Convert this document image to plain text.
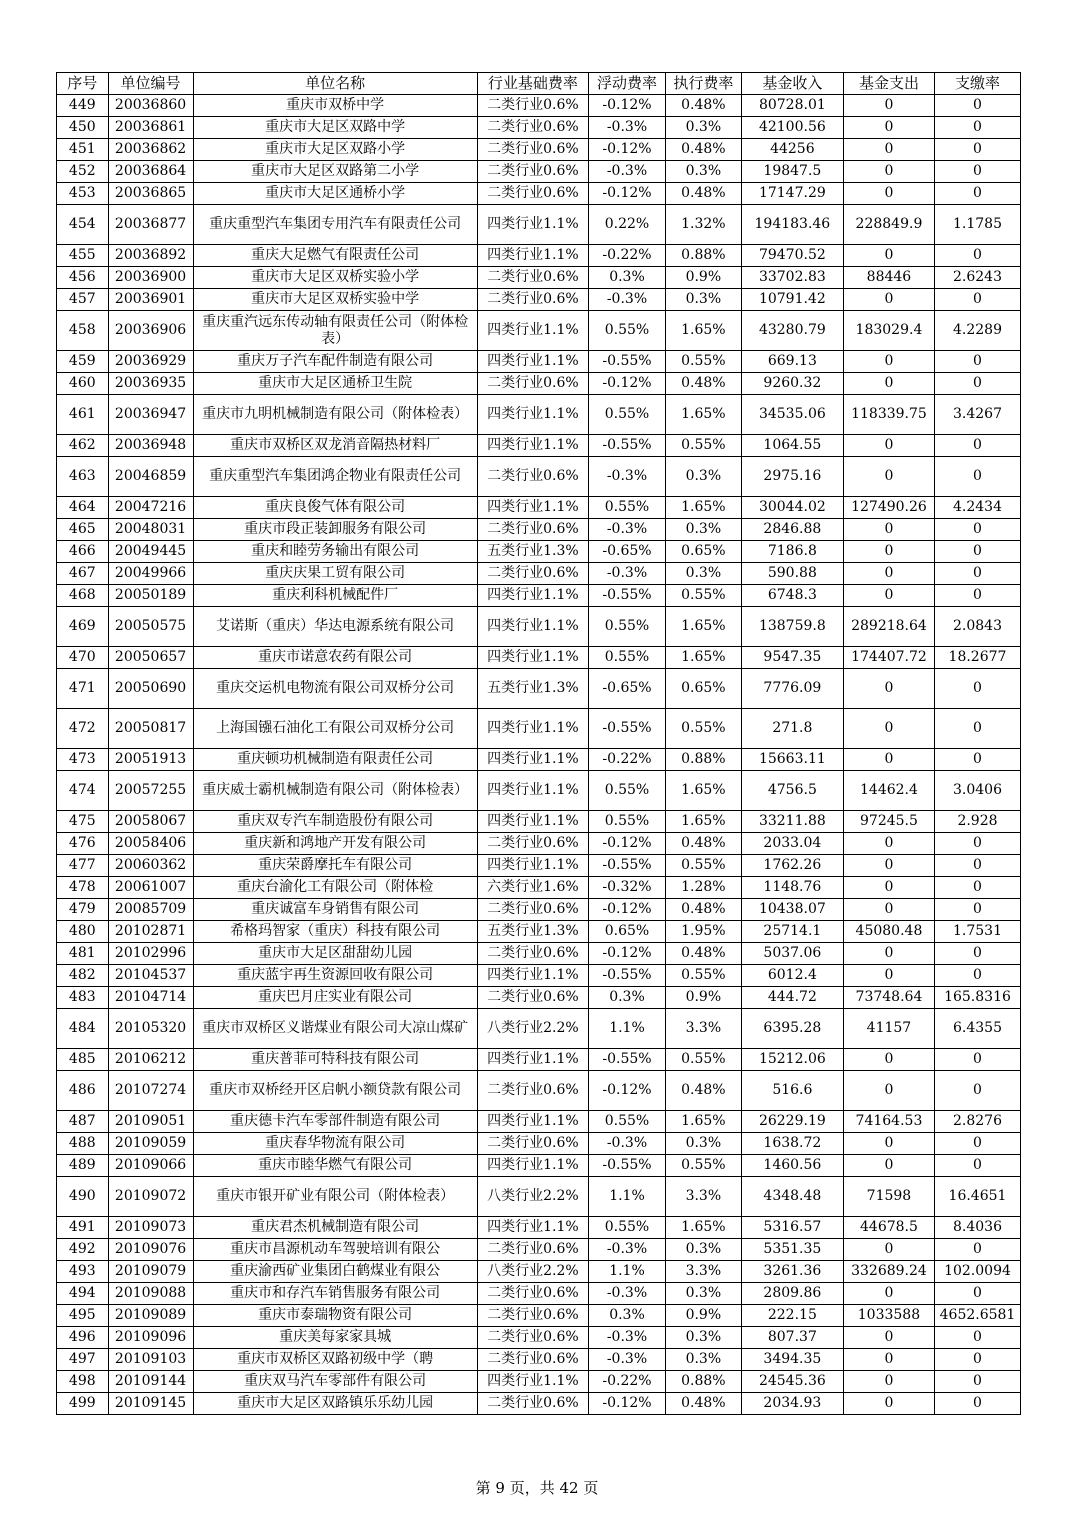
序号	单位编号	单位名称	行业基础费率	浮动费率	执行费率	基金收入	基金支出	支缴率
449	20036860	重庆市双桥中学	二类行业0.6%	-0.12%	0.48%	80728.01	0	0
450	20036861	重庆市大足区双路中学	二类行业0.6%	-0.3%	0.3%	42100.56	0	0
451	20036862	重庆市大足区双路小学	二类行业0.6%	-0.12%	0.48%	44256	0	0
452	20036864	重庆市大足区双路第二小学	二类行业0.6%	-0.3%	0.3%	19847.5	0	0
453	20036865	重庆市大足区通桥小学	二类行业0.6%	-0.12%	0.48%	17147.29	0	0
454	20036877	重庆重型汽车集团专用汽车有限责任公司	四类行业1.1%	0.22%	1.32%	194183.46	228849.9	1.1785
455	20036892	重庆大足燃气有限责任公司	四类行业1.1%	-0.22%	0.88%	79470.52	0	0
456	20036900	重庆市大足区双桥实验小学	二类行业0.6%	0.3%	0.9%	33702.83	88446	2.6243
457	20036901	重庆市大足区双桥实验中学	二类行业0.6%	-0.3%	0.3%	10791.42	0	0
458	20036906	重庆重汽远东传动轴有限责任公司（附体检表）	四类行业1.1%	0.55%	1.65%	43280.79	183029.4	4.2289
459	20036929	重庆万子汽车配件制造有限公司	四类行业1.1%	-0.55%	0.55%	669.13	0	0
460	20036935	重庆市大足区通桥卫生院	二类行业0.6%	-0.12%	0.48%	9260.32	0	0
461	20036947	重庆市九明机械制造有限公司（附体检表）	四类行业1.1%	0.55%	1.65%	34535.06	118339.75	3.4267
462	20036948	重庆市双桥区双龙消音隔热材料厂	四类行业1.1%	-0.55%	0.55%	1064.55	0	0
463	20046859	重庆重型汽车集团鸿企物业有限责任公司	二类行业0.6%	-0.3%	0.3%	2975.16	0	0
464	20047216	重庆良俊气体有限公司	四类行业1.1%	0.55%	1.65%	30044.02	127490.26	4.2434
465	20048031	重庆市段正装卸服务有限公司	二类行业0.6%	-0.3%	0.3%	2846.88	0	0
466	20049445	重庆和睦劳务输出有限公司	五类行业1.3%	-0.65%	0.65%	7186.8	0	0
467	20049966	重庆庆果工贸有限公司	二类行业0.6%	-0.3%	0.3%	590.88	0	0
468	20050189	重庆利科机械配件厂	四类行业1.1%	-0.55%	0.55%	6748.3	0	0
469	20050575	艾诺斯（重庆）华达电源系统有限公司	四类行业1.1%	0.55%	1.65%	138759.8	289218.64	2.0843
470	20050657	重庆市诺意农药有限公司	四类行业1.1%	0.55%	1.65%	9547.35	174407.72	18.2677
471	20050690	重庆交运机电物流有限公司双桥分公司	五类行业1.3%	-0.65%	0.65%	7776.09	0	0
472	20050817	上海国镪石油化工有限公司双桥分公司	四类行业1.1%	-0.55%	0.55%	271.8	0	0
473	20051913	重庆顿功机械制造有限责任公司	四类行业1.1%	-0.22%	0.88%	15663.11	0	0
474	20057255	重庆威士霸机械制造有限公司（附体检表）	四类行业1.1%	0.55%	1.65%	4756.5	14462.4	3.0406
475	20058067	重庆双专汽车制造股份有限公司	四类行业1.1%	0.55%	1.65%	33211.88	97245.5	2.928
476	20058406	重庆新和鸿地产开发有限公司	二类行业0.6%	-0.12%	0.48%	2033.04	0	0
477	20060362	重庆荣爵摩托车有限公司	四类行业1.1%	-0.55%	0.55%	1762.26	0	0
478	20061007	重庆台渝化工有限公司（附体检	六类行业1.6%	-0.32%	1.28%	1148.76	0	0
479	20085709	重庆诚富车身销售有限公司	二类行业0.6%	-0.12%	0.48%	10438.07	0	0
480	20102871	希格玛智家（重庆）科技有限公司	五类行业1.3%	0.65%	1.95%	25714.1	45080.48	1.7531
481	20102996	重庆市大足区甜甜幼儿园	二类行业0.6%	-0.12%	0.48%	5037.06	0	0
482	20104537	重庆蓝宇再生资源回收有限公司	四类行业1.1%	-0.55%	0.55%	6012.4	0	0
483	20104714	重庆巴月庄实业有限公司	二类行业0.6%	0.3%	0.9%	444.72	73748.64	165.8316
484	20105320	重庆市双桥区义谐煤业有限公司大凉山煤矿	八类行业2.2%	1.1%	3.3%	6395.28	41157	6.4355
485	20106212	重庆普菲可特科技有限公司	四类行业1.1%	-0.55%	0.55%	15212.06	0	0
486	20107274	重庆市双桥经开区启帆小额贷款有限公司	二类行业0.6%	-0.12%	0.48%	516.6	0	0
487	20109051	重庆德卡汽车零部件制造有限公司	四类行业1.1%	0.55%	1.65%	26229.19	74164.53	2.8276
488	20109059	重庆春华物流有限公司	二类行业0.6%	-0.3%	0.3%	1638.72	0	0
489	20109066	重庆市睦华燃气有限公司	四类行业1.1%	-0.55%	0.55%	1460.56	0	0
490	20109072	重庆市银开矿业有限公司（附体检表）	八类行业2.2%	1.1%	3.3%	4348.48	71598	16.4651
491	20109073	重庆君杰机械制造有限公司	四类行业1.1%	0.55%	1.65%	5316.57	44678.5	8.4036
492	20109076	重庆市昌源机动车驾驶培训有限公	二类行业0.6%	-0.3%	0.3%	5351.35	0	0
493	20109079	重庆渝西矿业集团白鹤煤业有限公	八类行业2.2%	1.1%	3.3%	3261.36	332689.24	102.0094
494	20109088	重庆市和存汽车销售服务有限公司	二类行业0.6%	-0.3%	0.3%	2809.86	0	0
495	20109089	重庆市泰瑞物资有限公司	二类行业0.6%	0.3%	0.9%	222.15	1033588	4652.6581
496	20109096	重庆美每家家具城	二类行业0.6%	-0.3%	0.3%	807.37	0	0
497	20109103	重庆市双桥区双路初级中学（聘	二类行业0.6%	-0.3%	0.3%	3494.35	0	0
498	20109144	重庆双马汽车零部件有限公司	四类行业1.1%	-0.22%	0.88%	24545.36	0	0
499	20109145	重庆市大足区双路镇乐乐幼儿园	二类行业0.6%	-0.12%	0.48%	2034.93	0	0
第 9 页，共 42 页
